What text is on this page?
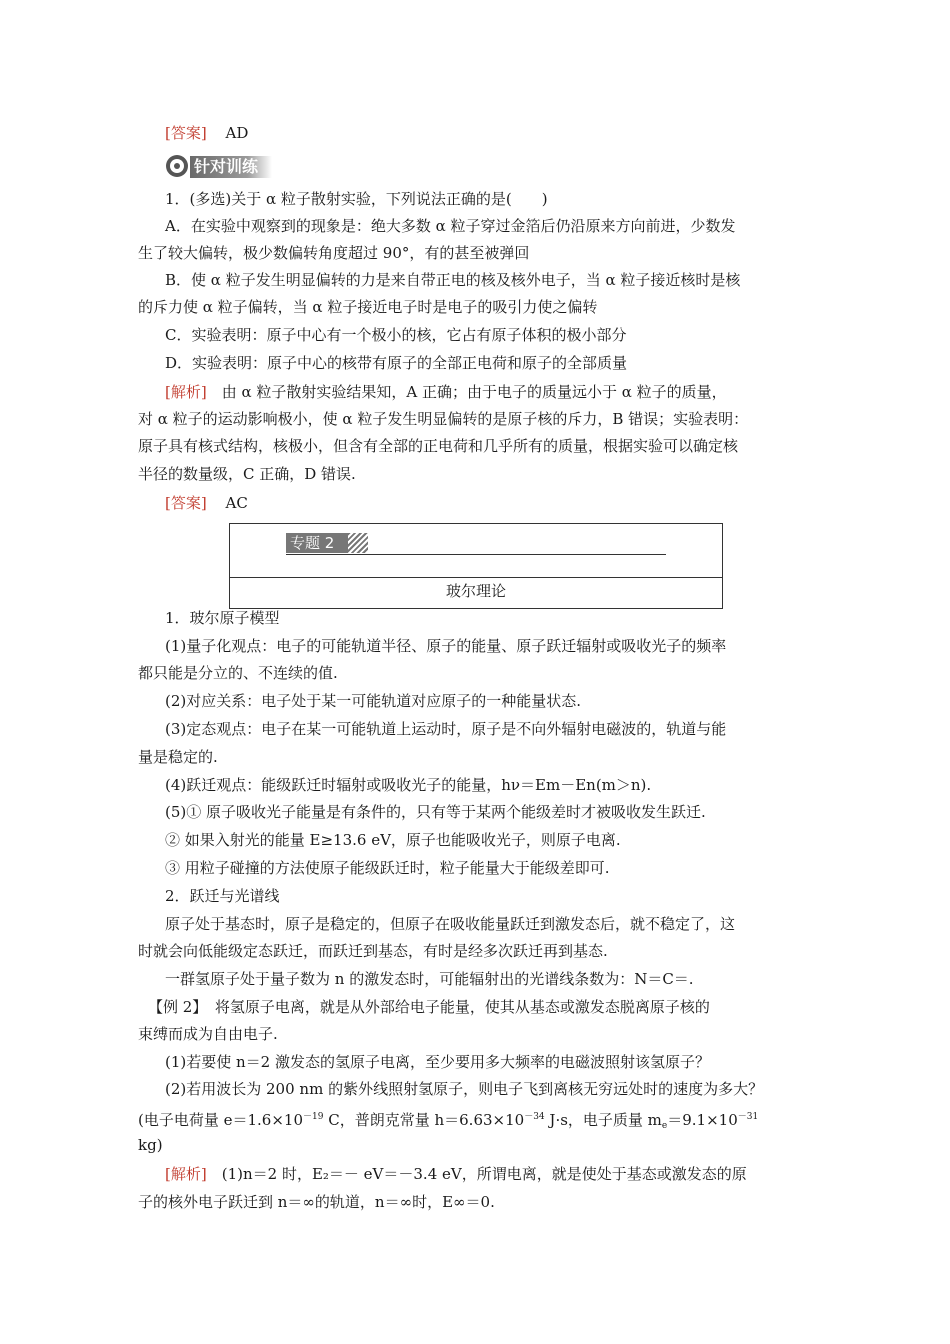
[答案] AD
针对训练
1．(多选)关于 α 粒子散射实验，下列说法正确的是(　　)
A．在实验中观察到的现象是：绝大多数 α 粒子穿过金箔后仍沿原来方向前进，少数发
生了较大偏转，极少数偏转角度超过 90°，有的甚至被弹回
B．使 α 粒子发生明显偏转的力是来自带正电的核及核外电子，当 α 粒子接近核时是核
的斥力使 α 粒子偏转，当 α 粒子接近电子时是电子的吸引力使之偏转
C．实验表明：原子中心有一个极小的核，它占有原子体积的极小部分
D．实验表明：原子中心的核带有原子的全部正电荷和原子的全部质量
[解析]　由 α 粒子散射实验结果知，A 正确；由于电子的质量远小于 α 粒子的质量，
对 α 粒子的运动影响极小，使 α 粒子发生明显偏转的是原子核的斥力，B 错误；实验表明：
原子具有核式结构，核极小，但含有全部的正电荷和几乎所有的质量，根据实验可以确定核
半径的数量级，C 正确，D 错误.
[答案] AC
专题 2
玻尔理论
1．玻尔原子模型
(1)量子化观点：电子的可能轨道半径、原子的能量、原子跃迁辐射或吸收光子的频率
都只能是分立的、不连续的值.
(2)对应关系：电子处于某一可能轨道对应原子的一种能量状态.
(3)定态观点：电子在某一可能轨道上运动时，原子是不向外辐射电磁波的，轨道与能
量是稳定的.
(4)跃迁观点：能级跃迁时辐射或吸收光子的能量，hν＝Em－En(m＞n).
(5)① 原子吸收光子能量是有条件的，只有等于某两个能级差时才被吸收发生跃迁.
② 如果入射光的能量 E≥13.6 eV，原子也能吸收光子，则原子电离.
③ 用粒子碰撞的方法使原子能级跃迁时，粒子能量大于能级差即可.
2．跃迁与光谱线
原子处于基态时，原子是稳定的，但原子在吸收能量跃迁到激发态后，就不稳定了，这
时就会向低能级定态跃迁，而跃迁到基态，有时是经多次跃迁再到基态.
一群氢原子处于量子数为 n 的激发态时，可能辐射出的光谱线条数为：N＝C＝.
【例 2】　将氢原子电离，就是从外部给电子能量，使其从基态或激发态脱离原子核的
束缚而成为自由电子.
(1)若要使 n＝2 激发态的氢原子电离，至少要用多大频率的电磁波照射该氢原子？
(2)若用波长为 200 nm 的紫外线照射氢原子，则电子飞到离核无穷远处时的速度为多大？
(电子电荷量 $e=1.6\times 10^{-19}$ C，普朗克常量 $h=6.63\times 10^{-34}$ J·s，电子质量 $m_e=9.1\times 10^{-31}$
kg)
[解析]　(1)n＝2 时，E₂＝－ eV＝－3.4 eV，所谓电离，就是使处于基态或激发态的原
子的核外电子跃迁到 n＝∞的轨道，n＝∞时，E∞＝0.
